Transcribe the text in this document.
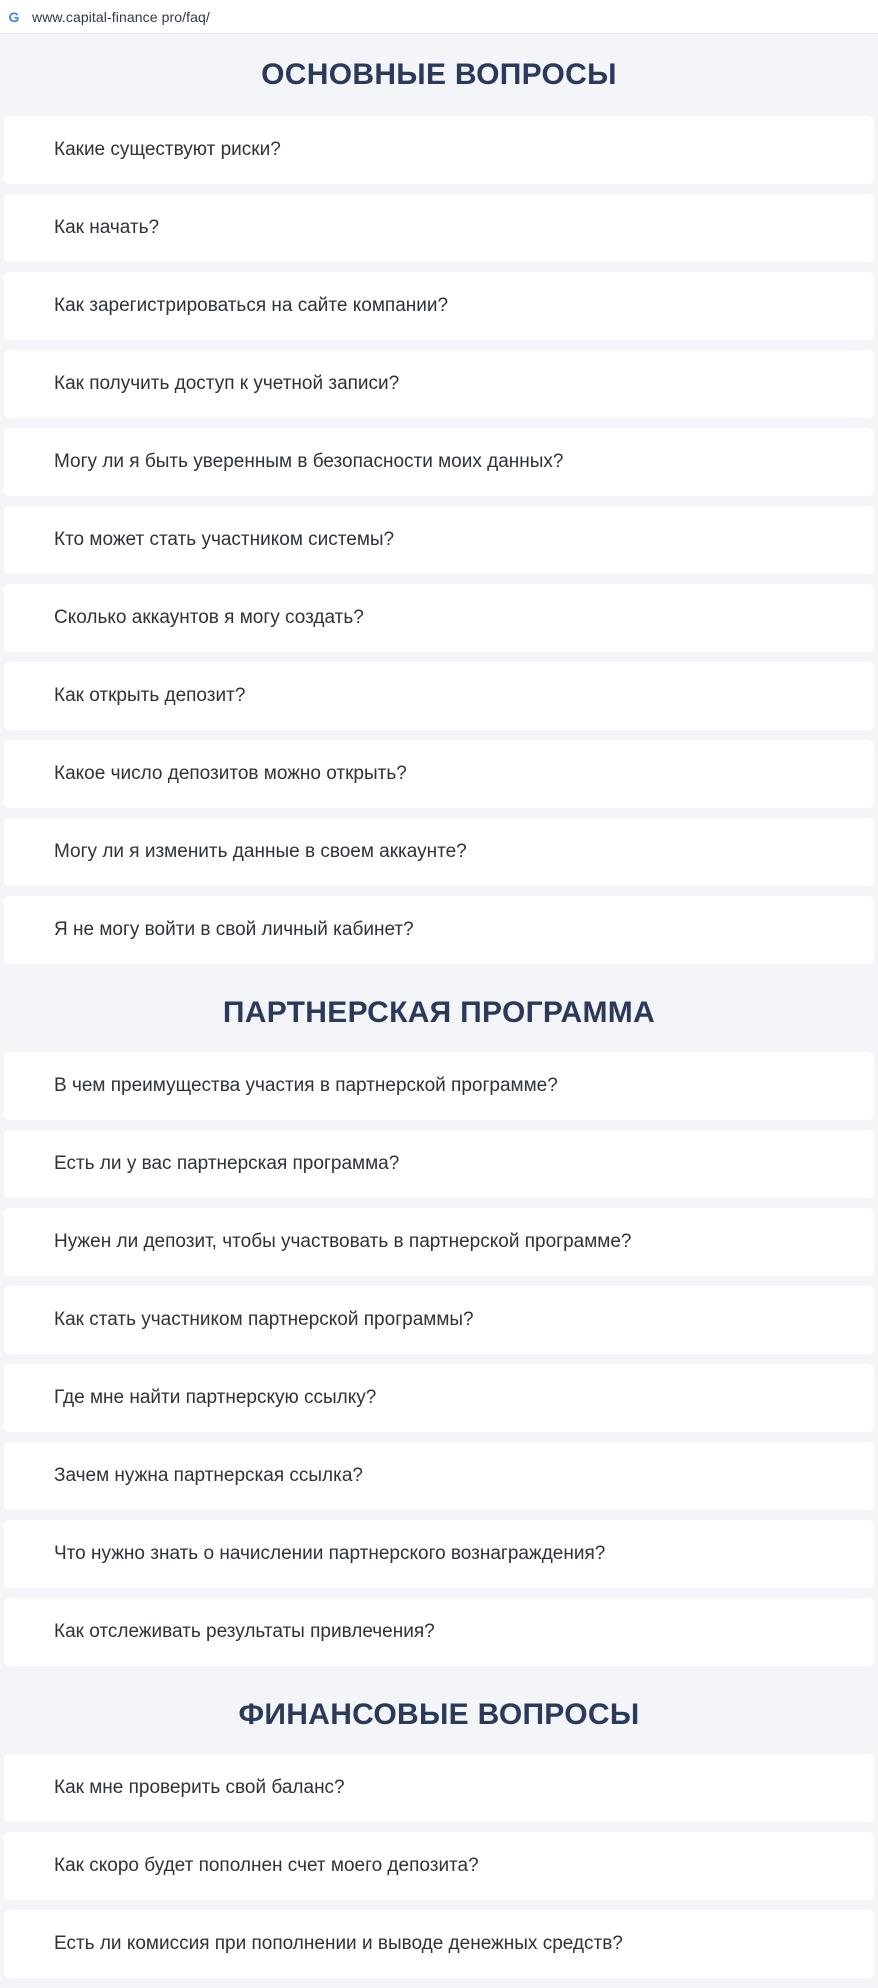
G www.capital-finance pro/faq/
ОСНОВНЫЕ ВОПРОСЫ
Какие существуют риски?
Как начать?
Как зарегистрироваться на сайте компании?
Как получить доступ к учетной записи?
Могу ли я быть уверенным в безопасности моих данных?
Кто может стать участником системы?
Сколько аккаунтов я могу создать?
Как открыть депозит?
Какое число депозитов можно открыть?
Могу ли я изменить данные в своем аккаунте?
Я не могу войти в свой личный кабинет?
ПАРТНЕРСКАЯ ПРОГРАММА
В чем преимущества участия в партнерской программе?
Есть ли у вас партнерская программа?
Нужен ли депозит, чтобы участвовать в партнерской программе?
Как стать участником партнерской программы?
Где мне найти партнерскую ссылку?
Зачем нужна партнерская ссылка?
Что нужно знать о начислении партнерского вознаграждения?
Как отслеживать результаты привлечения?
ФИНАНСОВЫЕ ВОПРОСЫ
Как мне проверить свой баланс?
Как скоро будет пополнен счет моего депозита?
Есть ли комиссия при пополнении и выводе денежных средств?
